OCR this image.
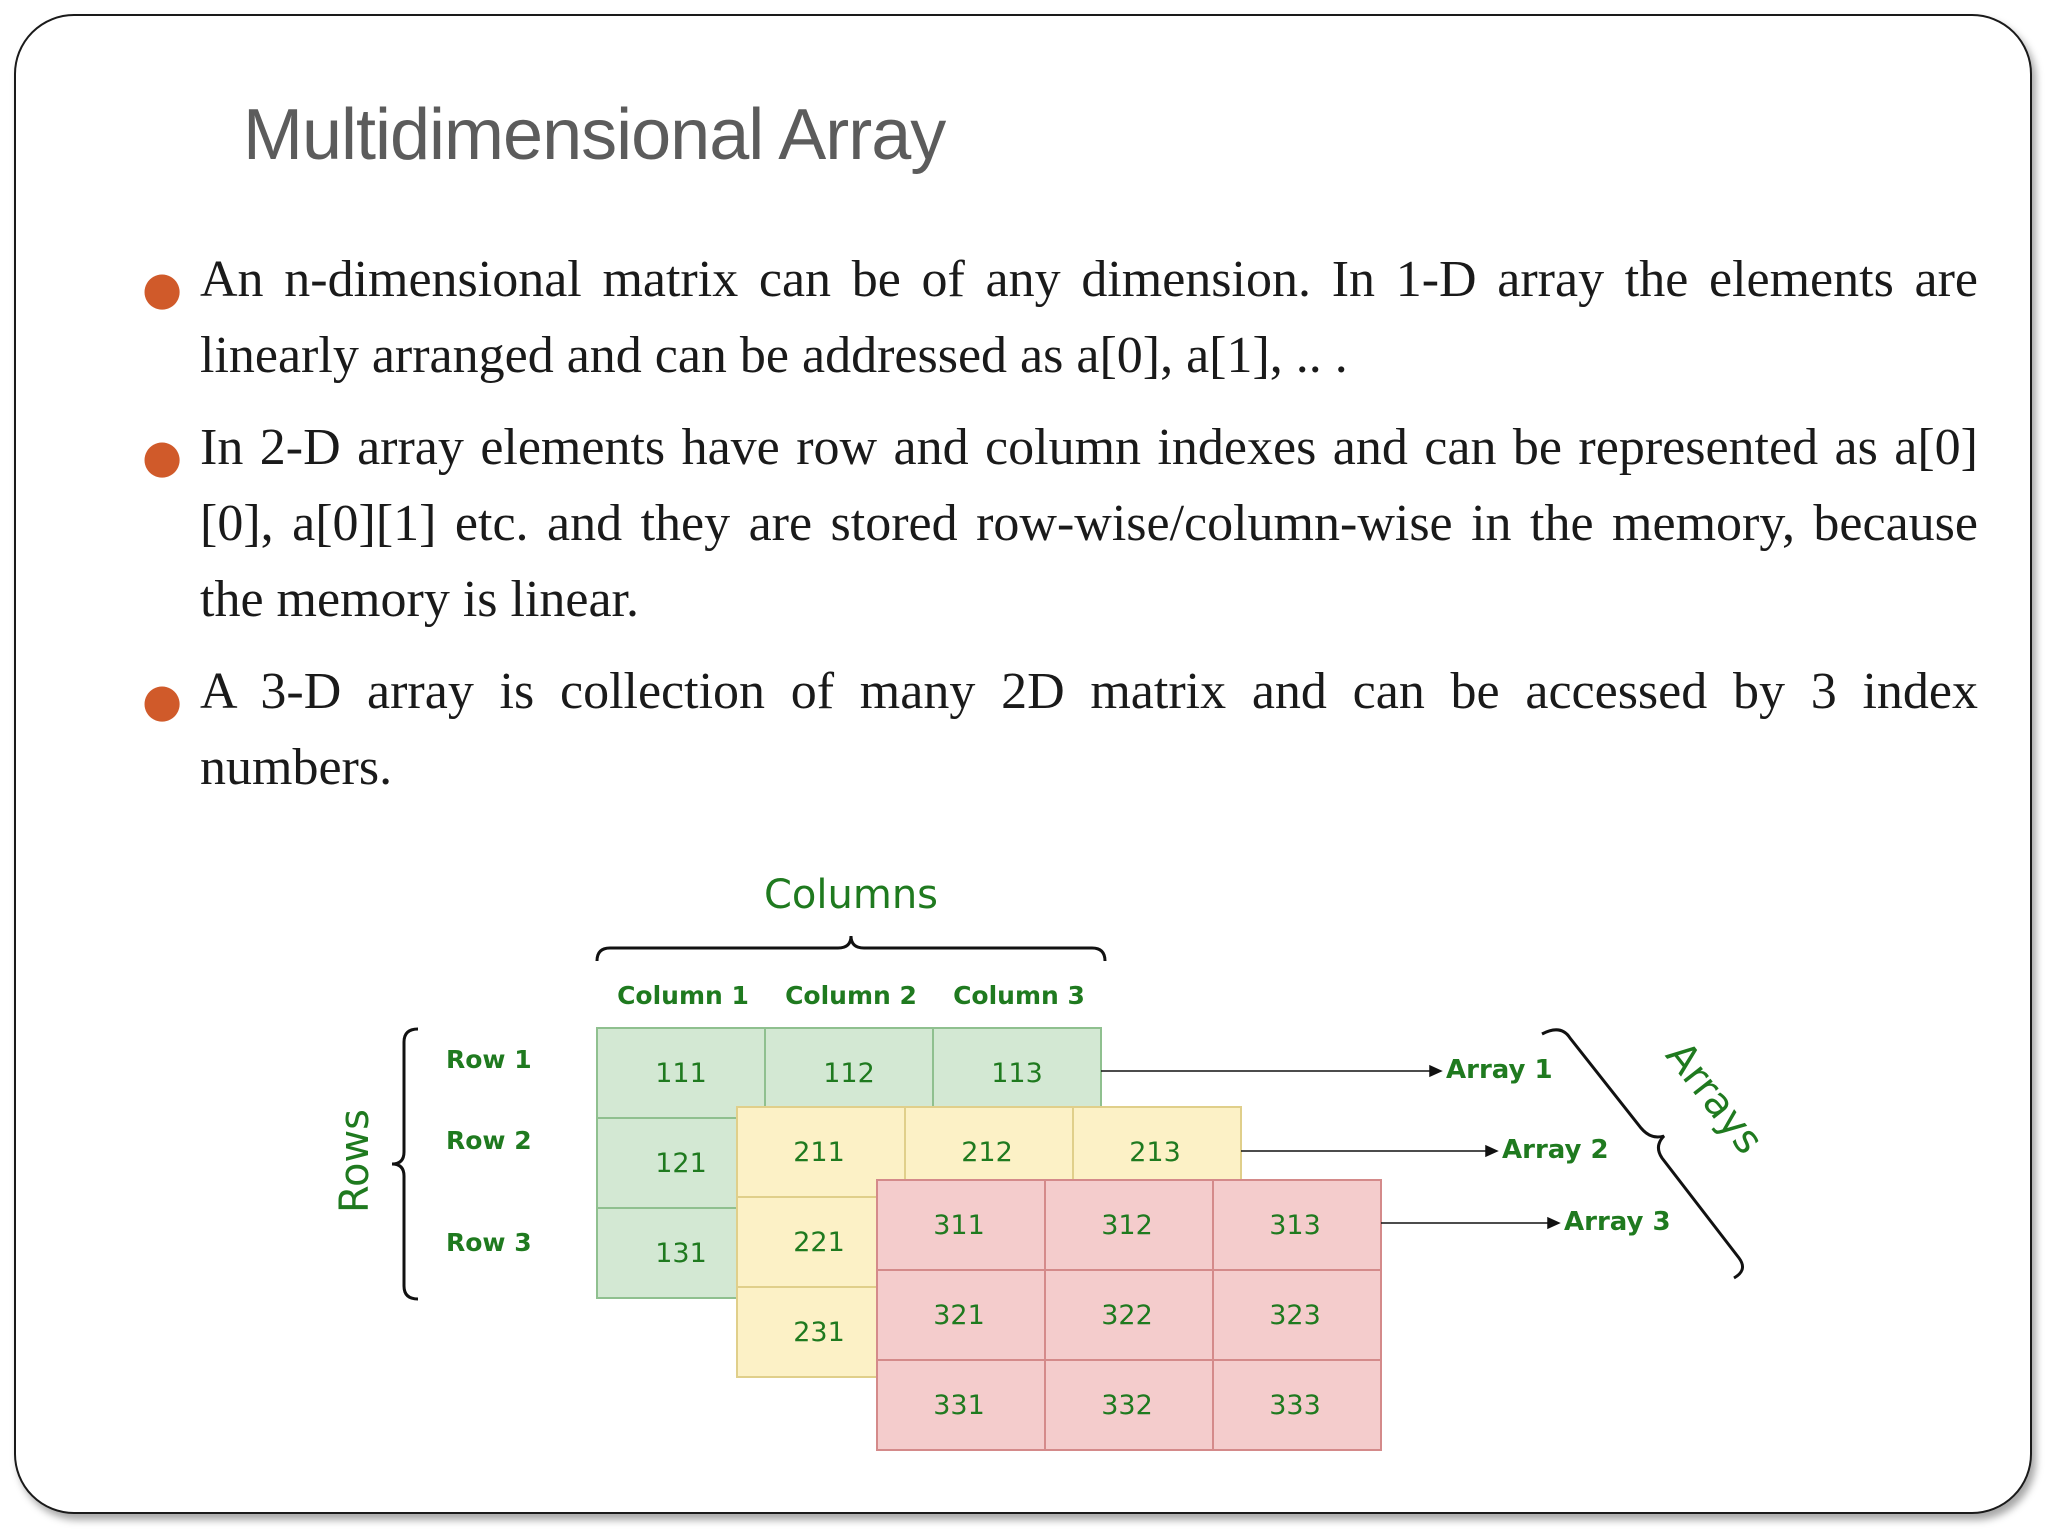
Multidimensional Array
● An n-dimensional matrix can be of any dimension. In 1-D array the elements are linearly arranged and can be addressed as a[0], a[1], .. .
● In 2-D array elements have row and column indexes and can be represented as a[0][0], a[0][1] etc. and they are stored row-wise/column-wise in the memory, because the memory is linear.
● A 3-D array is collection of many 2D matrix and can be accessed by 3 index numbers.
Columns
Column 1 Column 2 Column 3
Rows
Row 1
Row 2
Row 3
111	112	113
121
131
211	212	213
221
231
311	312	313
321	322	323
331	332	333
Array 1
Array 2
Array 3
Arrays
